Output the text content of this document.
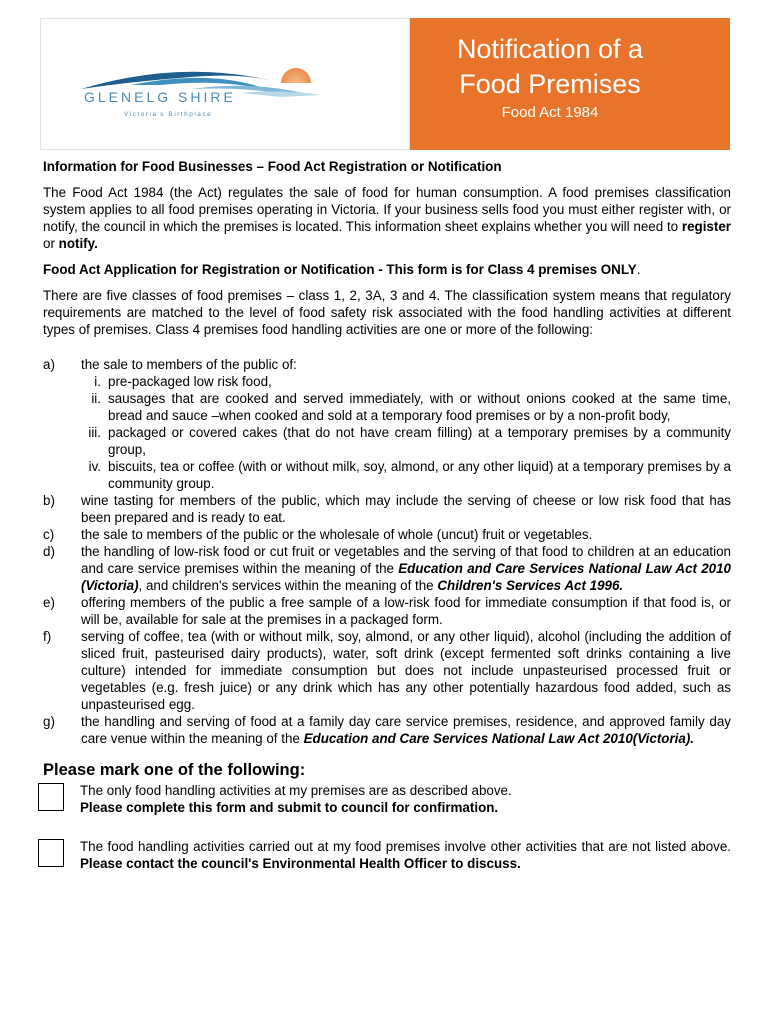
GLENELG SHIRE
Victoria's Birthplace
Notification of a
Food Premises
Food Act 1984
Information for Food Businesses – Food Act Registration or Notification

The Food Act 1984 (the Act) regulates the sale of food for human consumption. A food premises classification system applies to all food premises operating in Victoria. If your business sells food you must either register with, or notify, the council in which the premises is located. This information sheet explains whether you will need to register or notify.

Food Act Application for Registration or Notification - This form is for Class 4 premises ONLY.

There are five classes of food premises – class 1, 2, 3A, 3 and 4. The classification system means that regulatory requirements are matched to the level of food safety risk associated with the food handling activities at different types of premises. Class 4 premises food handling activities are one or more of the following:

a) the sale to members of the public of:
i. pre-packaged low risk food,
ii. sausages that are cooked and served immediately, with or without onions cooked at the same time, bread and sauce –when cooked and sold at a temporary food premises or by a non-profit body,
iii. packaged or covered cakes (that do not have cream filling) at a temporary premises by a community group,
iv. biscuits, tea or coffee (with or without milk, soy, almond, or any other liquid) at a temporary premises by a community group.
b) wine tasting for members of the public, which may include the serving of cheese or low risk food that has been prepared and is ready to eat.
c) the sale to members of the public or the wholesale of whole (uncut) fruit or vegetables.
d) the handling of low-risk food or cut fruit or vegetables and the serving of that food to children at an education and care service premises within the meaning of the Education and Care Services National Law Act 2010 (Victoria), and children's services within the meaning of the Children's Services Act 1996.
e) offering members of the public a free sample of a low-risk food for immediate consumption if that food is, or will be, available for sale at the premises in a packaged form.
f) serving of coffee, tea (with or without milk, soy, almond, or any other liquid), alcohol (including the addition of sliced fruit, pasteurised dairy products), water, soft drink (except fermented soft drinks containing a live culture) intended for immediate consumption but does not include unpasteurised processed fruit or vegetables (e.g. fresh juice) or any drink which has any other potentially hazardous food added, such as unpasteurised egg.
g) the handling and serving of food at a family day care service premises, residence, and approved family day care venue within the meaning of the Education and Care Services National Law Act 2010(Victoria).
Please mark one of the following:
The only food handling activities at my premises are as described above.
Please complete this form and submit to council for confirmation.

The food handling activities carried out at my food premises involve other activities that are not listed above. Please contact the council's Environmental Health Officer to discuss.
